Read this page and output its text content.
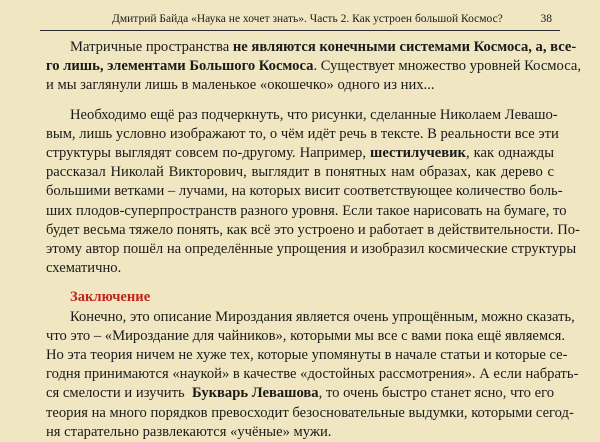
Дмитрий Байда «Наука не хочет знать». Часть 2. Как устроен большой Космос?	38

Матричные пространства не являются конечными системами Космоса, а, все-
го лишь, элементами Большого Космоса. Существует множество уровней Космоса,
и мы заглянули лишь в маленькое «окошечко» одного из них...

Необходимо ещё раз подчеркнуть, что рисунки, сделанные Николаем Левашо-
вым, лишь условно изображают то, о чём идёт речь в тексте. В реальности все эти
структуры выглядят совсем по-другому. Например, шестилучевик, как однажды
рассказал Николай Викторович, выглядит в понятных нам образах, как дерево с
большими ветками – лучами, на которых висит соответствующее количество боль-
ших плодов-суперпространств разного уровня. Если такое нарисовать на бумаге, то
будет весьма тяжело понять, как всё это устроено и работает в действительности. По-
этому автор пошёл на определённые упрощения и изобразил космические структуры
схематично.

Заключение

Конечно, это описание Мироздания является очень упрощённым, можно сказать,
что это – «Мироздание для чайников», которыми мы все с вами пока ещё являемся.
Но эта теория ничем не хуже тех, которые упомянуты в начале статьи и которые се-
годня принимаются «наукой» в качестве «достойных рассмотрения». А если набрать-
ся смелости и изучить  Букварь Левашова, то очень быстро станет ясно, что его
теория на много порядков превосходит безосновательные выдумки, которыми сегод-
ня старательно развлекаются «учёные» мужи.
